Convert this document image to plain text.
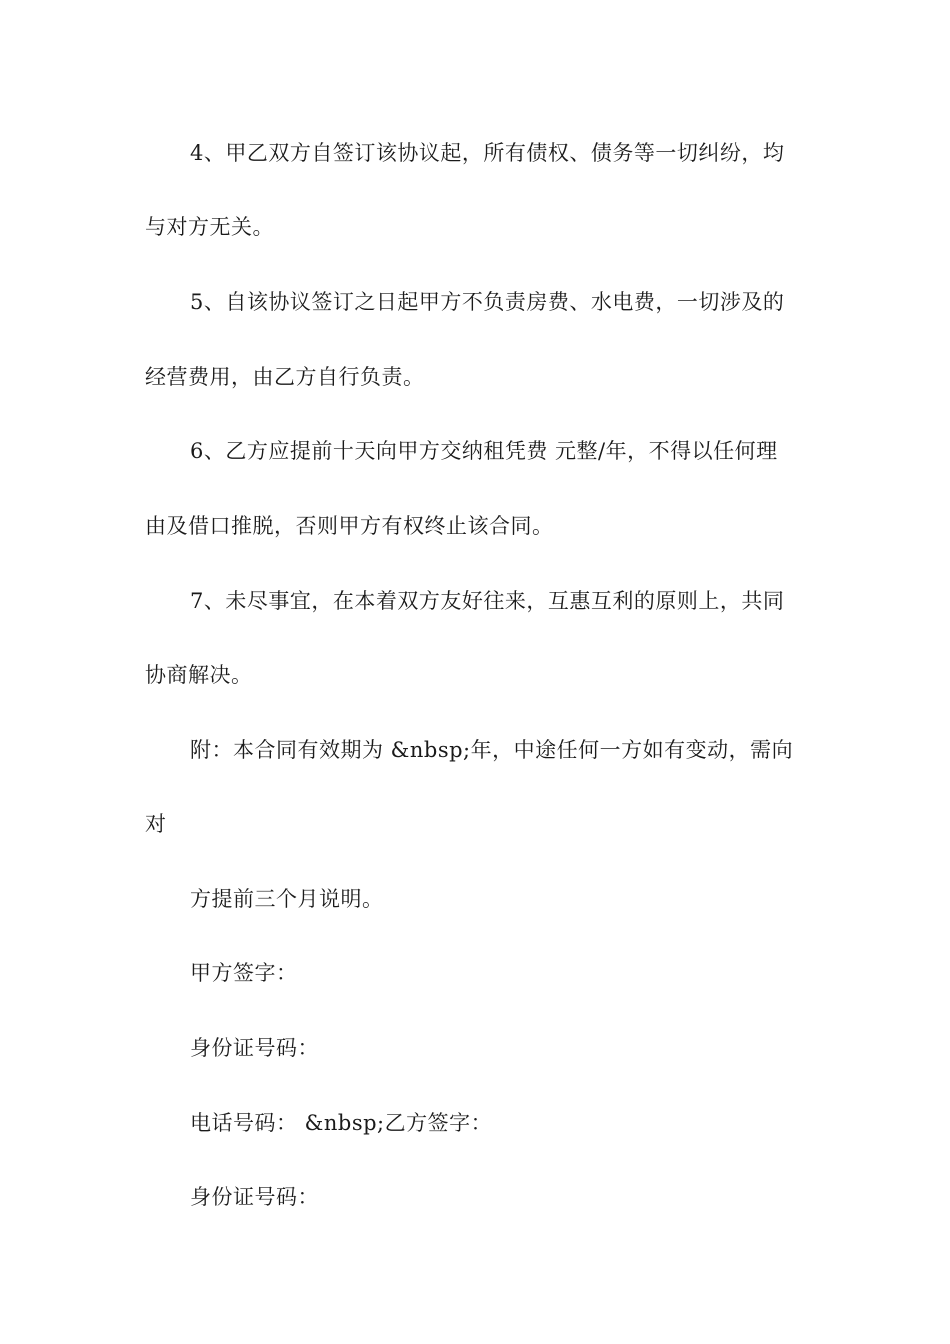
4、甲乙双方自签订该协议起，所有债权、债务等一切纠纷，均
与对方无关。
5、自该协议签订之日起甲方不负责房费、水电费，一切涉及的
经营费用，由乙方自行负责。
6、乙方应提前十天向甲方交纳租凭费 元整/年，不得以任何理
由及借口推脱，否则甲方有权终止该合同。
7、未尽事宜，在本着双方友好往来，互惠互利的原则上，共同
协商解决。
附：本合同有效期为 &nbsp;年，中途任何一方如有变动，需向
对
方提前三个月说明。
甲方签字：
身份证号码：
电话号码： &nbsp;乙方签字：
身份证号码：
